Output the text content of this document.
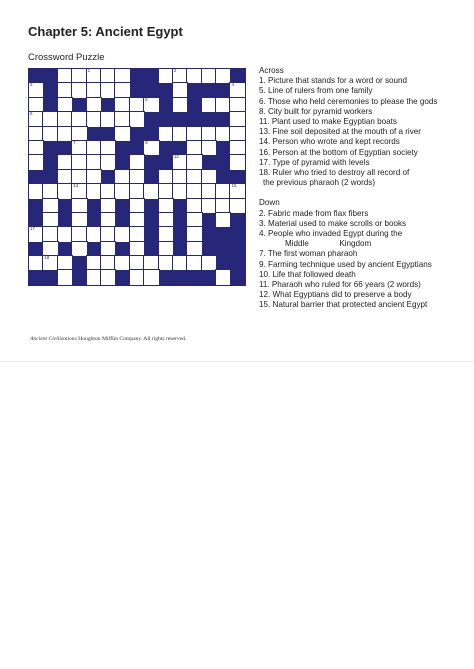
Chapter 5: Ancient Egypt
Crossword Puzzle
1	2
3	4
5
6
7	9
12
14	15
17
18
Across
1. Picture that stands for a word or sound
5. Line of rulers from one family
6. Those who held ceremonies to please the gods
8. City built for pyramid workers
11. Plant used to make Egyptian boats
13. Fine soil deposited at the mouth of a river
14. Person who wrote and kept records
16. Person at the bottom of Egyptian society
17. Type of pyramid with levels
18. Ruler who tried to destroy all record of
the previous pharaoh (2 words)
Down
2. Fabric made from flax fibers
3. Material used to make scrolls or books
4. People who invaded Egypt during the
Middle	Kingdom
7. The first woman pharaoh
9. Farming technique used by ancient Egyptians
10. Life that followed death
11. Pharaoh who ruled for 66 years (2 words)
12. What Egyptians did to preserve a body
15. Natural barrier that protected ancient Egypt
Ancient Civilizations Houghton Mifflin Company. All rights reserved.
